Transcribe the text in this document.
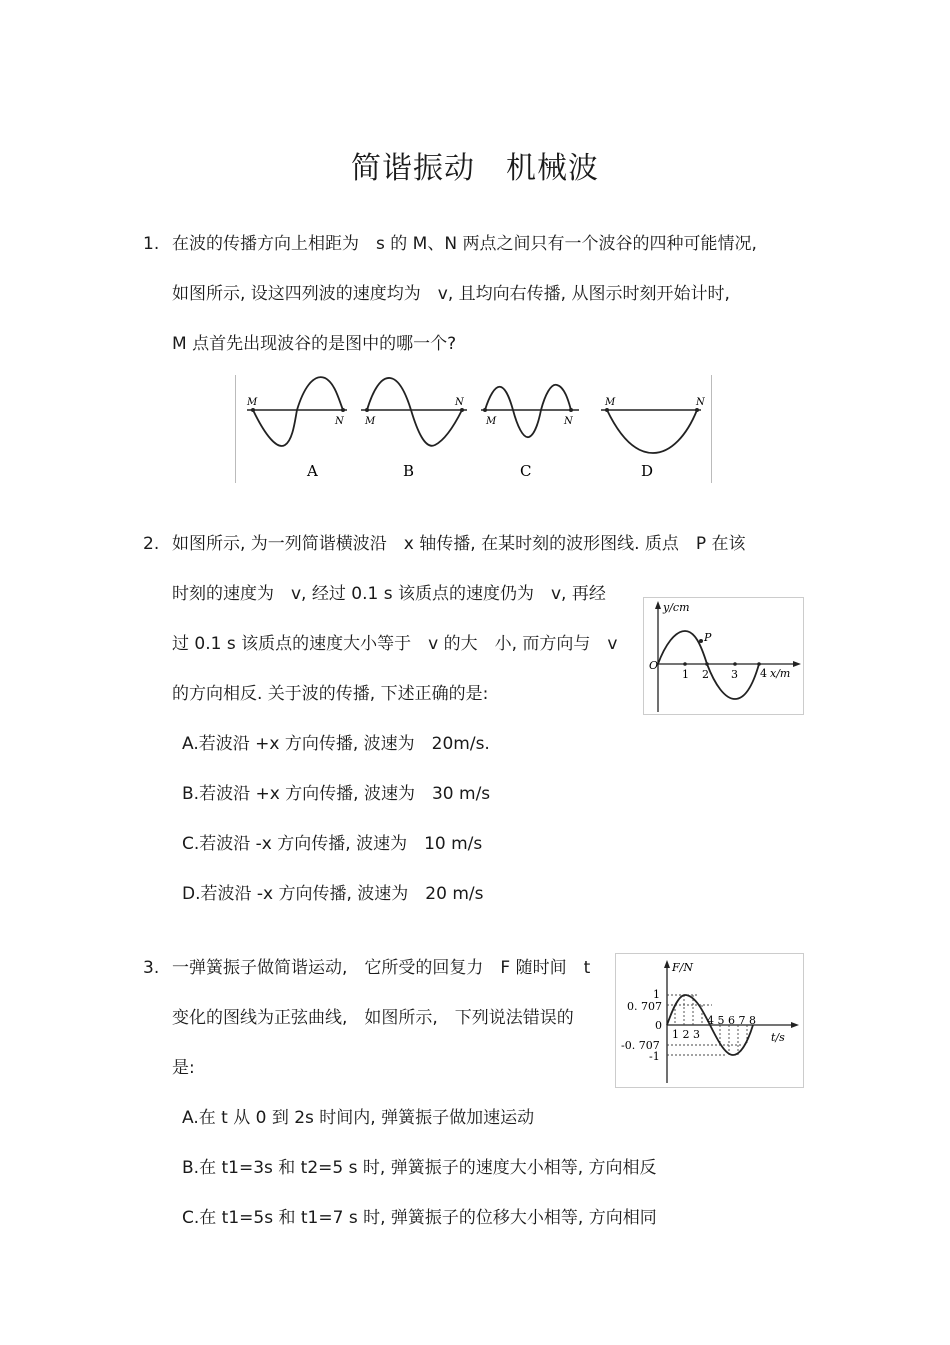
简谐振动　机械波
1. 在波的传播方向上相距为　s 的 M、N 两点之间只有一个波谷的四种可能情况,
如图所示, 设这四列波的速度均为　v, 且均向右传播, 从图示时刻开始计时,
M 点首先出现波谷的是图中的哪一个?
M
N
A
M
N
B
M	N
C
M	N
D
2. 如图所示, 为一列简谐横波沿　x 轴传播, 在某时刻的波形图线. 质点　P 在该
时刻的速度为　v, 经过 0.1 s 该质点的速度仍为　v, 再经
过 0.1 s 该质点的速度大小等于　v 的大　小, 而方向与　v
的方向相反. 关于波的传播, 下述正确的是:
A.若波沿 +x 方向传播, 波速为　20m/s.
B.若波沿 +x 方向传播, 波速为　30 m/s
C.若波沿 -x 方向传播, 波速为　10 m/s
D.若波沿 -x 方向传播, 波速为　20 m/s
y/cm
O
1 2 3 4 x/m
P
3. 一弹簧振子做简谐运动,　它所受的回复力　F 随时间　t
变化的图线为正弦曲线,　如图所示,　下列说法错误的
是:
A.在 t 从 0 到 2s 时间内, 弹簧振子做加速运动
B.在 t1=3s 和 t2=5 s 时, 弹簧振子的速度大小相等, 方向相反
C.在 t1=5s 和 t1=7 s 时, 弹簧振子的位移大小相等, 方向相同
F/N
1
0. 707
0
-0. 707
-1
1 2 3
4 5 6 7 8
t/s
